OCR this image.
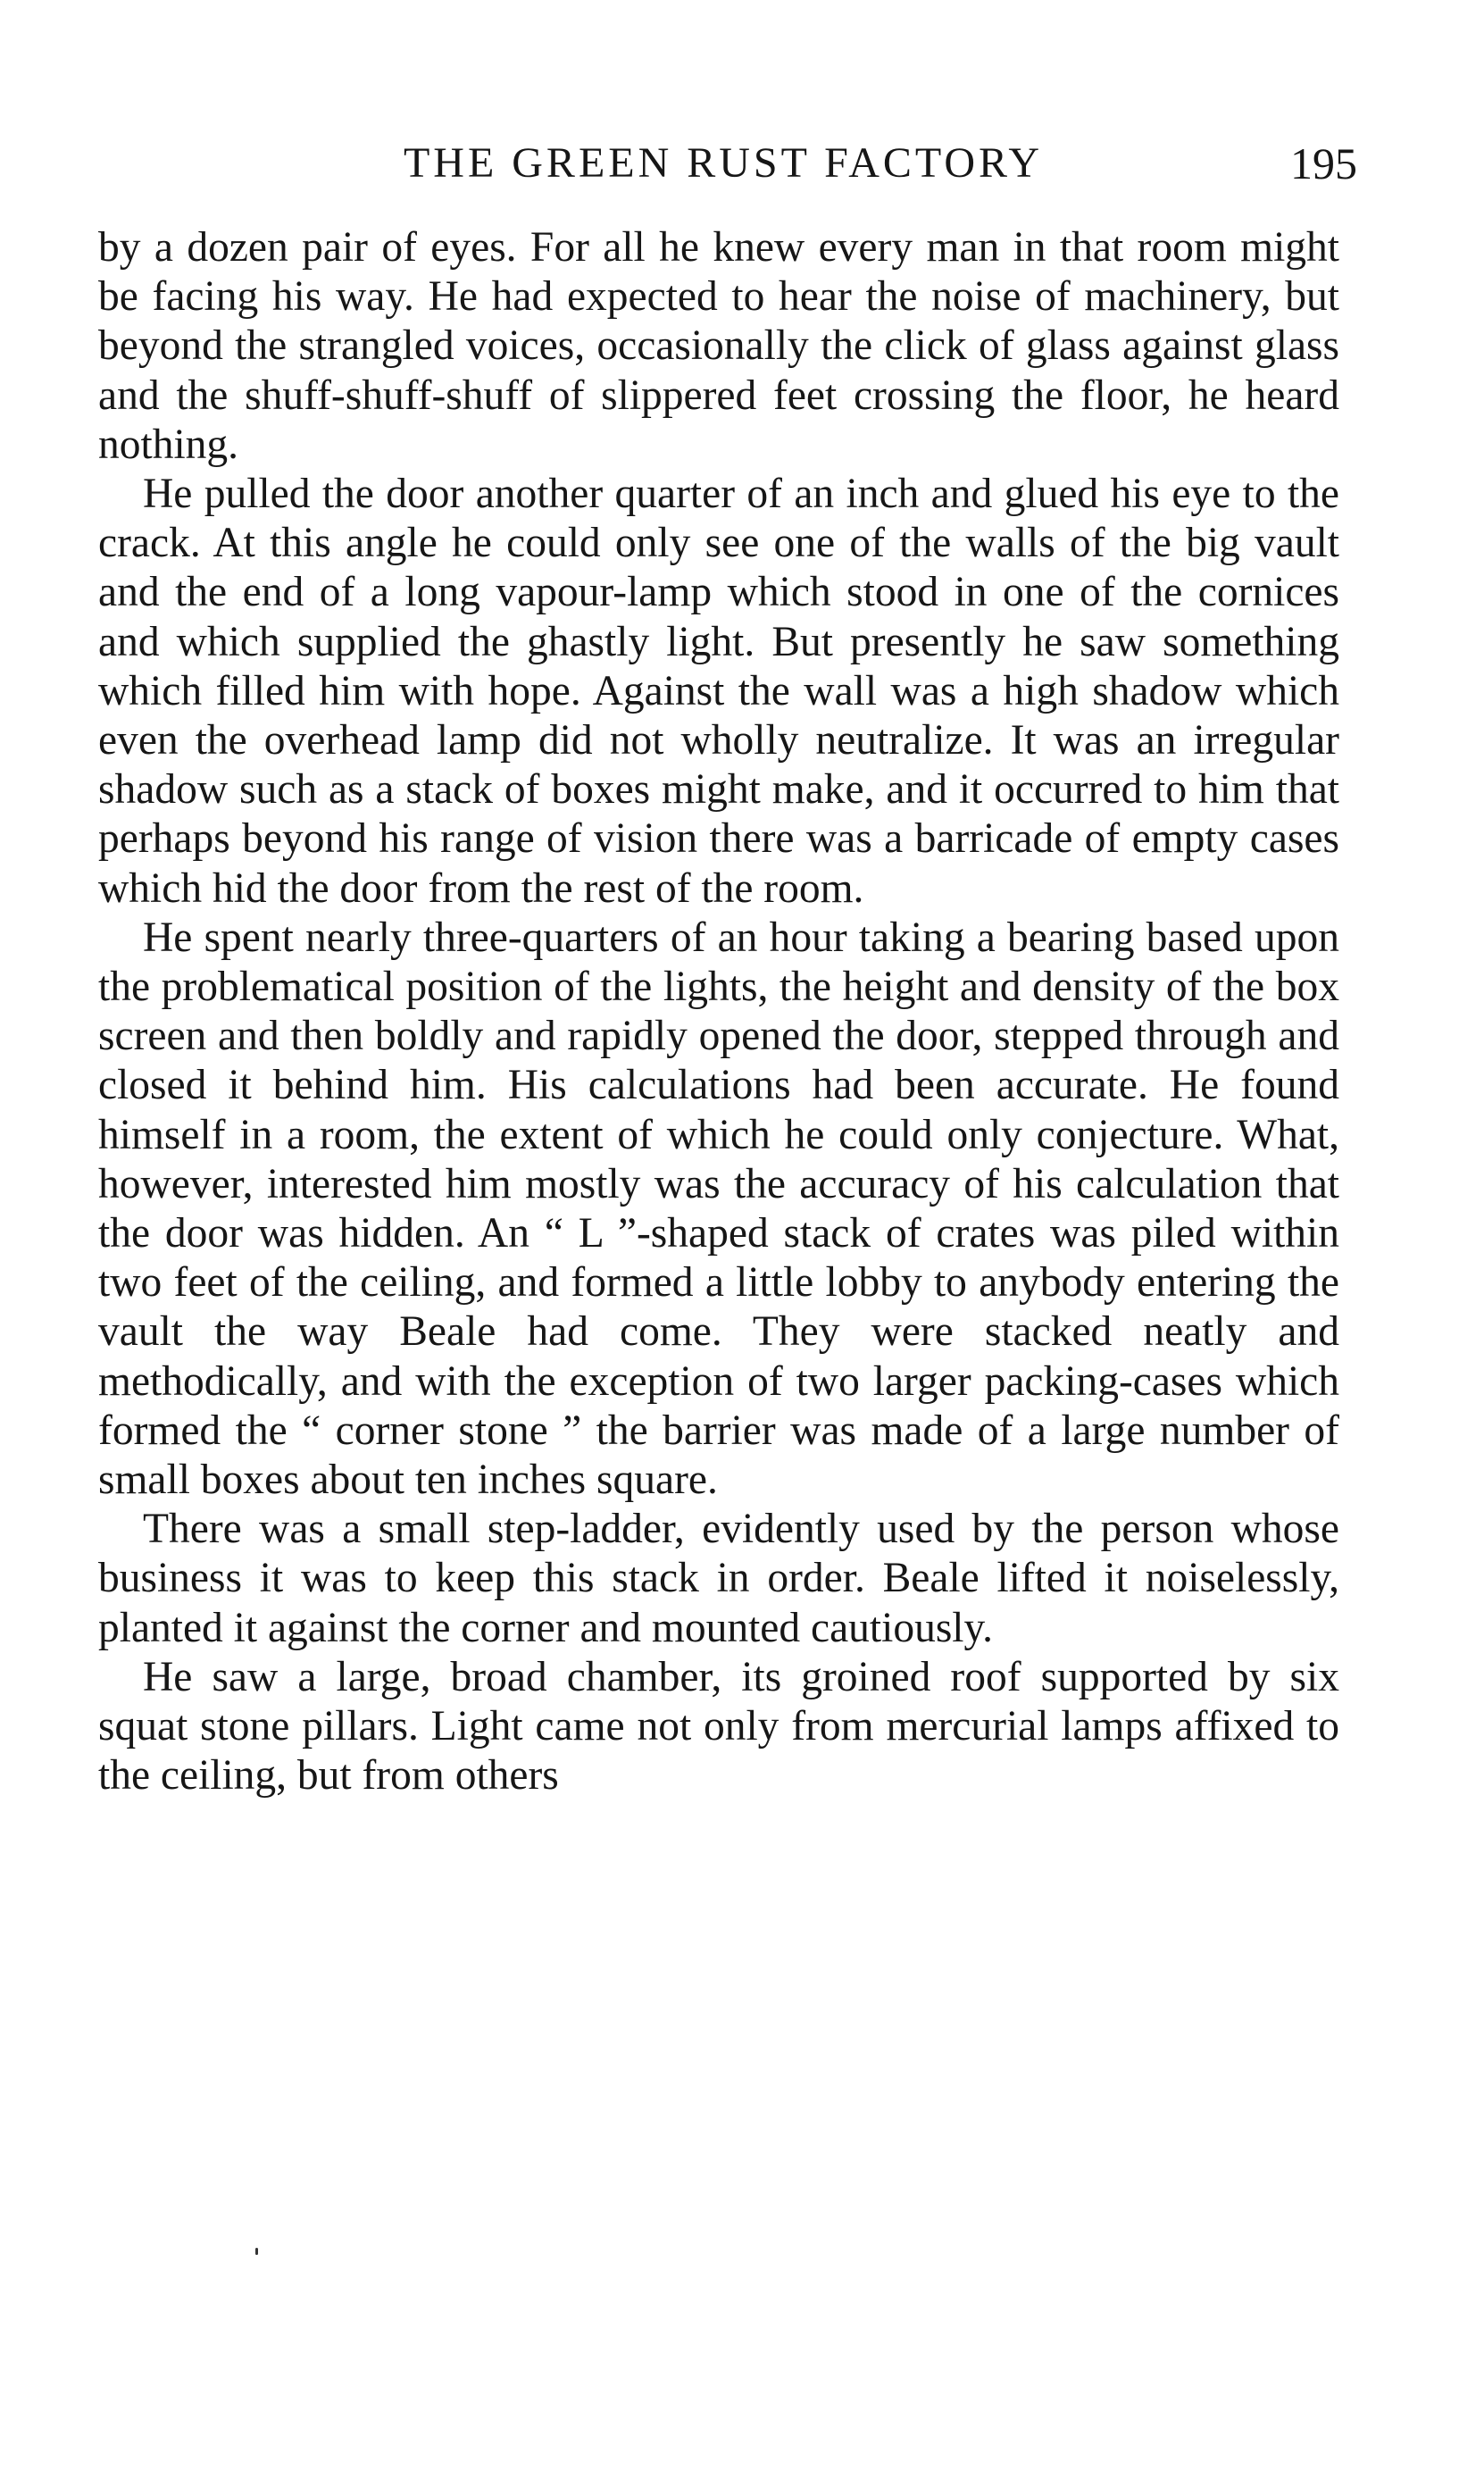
THE GREEN RUST FACTORY	195

by a dozen pair of eyes. For all he knew every man in that room might be facing his way. He had expected to hear the noise of machinery, but beyond the strangled voices, occasionally the click of glass against glass and the shuff-shuff-shuff of slippered feet crossing the floor, he heard nothing.

He pulled the door another quarter of an inch and glued his eye to the crack. At this angle he could only see one of the walls of the big vault and the end of a long vapour-lamp which stood in one of the cornices and which supplied the ghastly light. But presently he saw something which filled him with hope. Against the wall was a high shadow which even the overhead lamp did not wholly neutralize. It was an irregular shadow such as a stack of boxes might make, and it occurred to him that perhaps beyond his range of vision there was a barricade of empty cases which hid the door from the rest of the room.

He spent nearly three-quarters of an hour taking a bearing based upon the problematical position of the lights, the height and density of the box screen and then boldly and rapidly opened the door, stepped through and closed it behind him. His calculations had been accurate. He found himself in a room, the extent of which he could only conjecture. What, however, interested him mostly was the accuracy of his calculation that the door was hidden. An “ L ”-shaped stack of crates was piled within two feet of the ceiling, and formed a little lobby to anybody entering the vault the way Beale had come. They were stacked neatly and methodically, and with the exception of two larger packing-cases which formed the “ corner stone ” the barrier was made of a large number of small boxes about ten inches square.

There was a small step-ladder, evidently used by the person whose business it was to keep this stack in order. Beale lifted it noiselessly, planted it against the corner and mounted cautiously.

He saw a large, broad chamber, its groined roof supported by six squat stone pillars. Light came not only from mercurial lamps affixed to the ceiling, but from others
